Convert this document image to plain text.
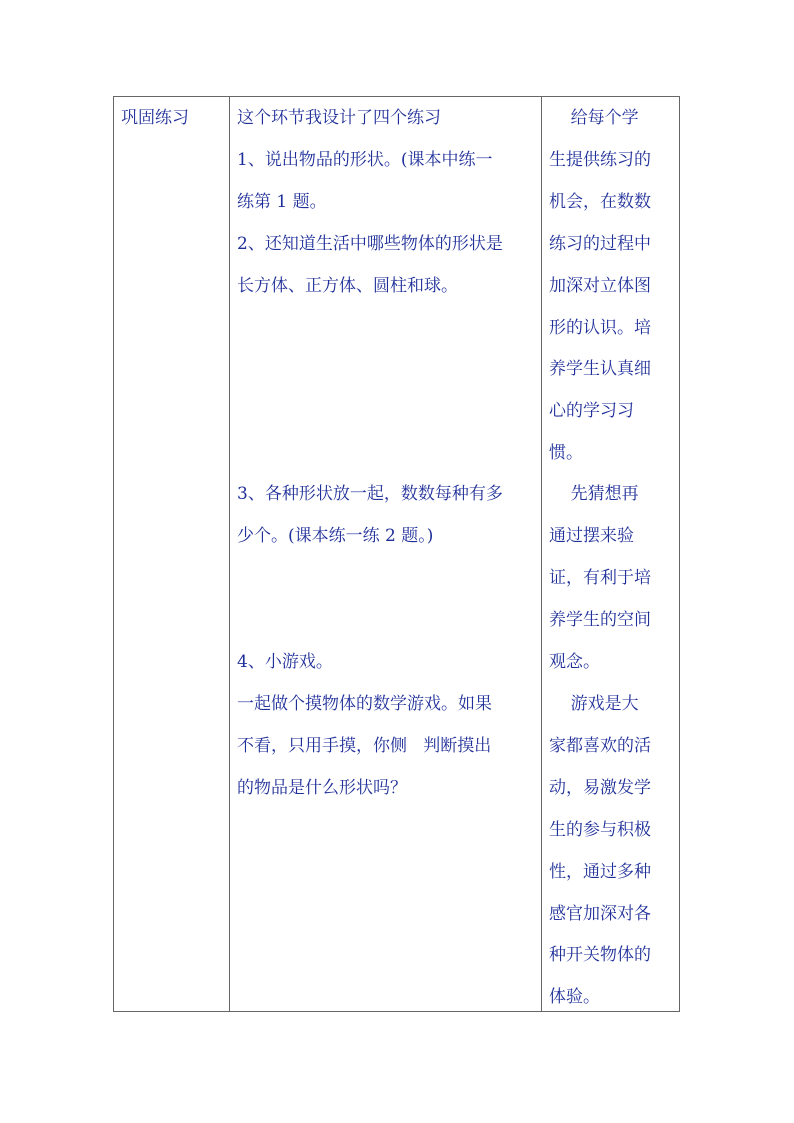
巩固练习	这个环节我设计了四个练习
1、说出物品的形状。(课本中练一
练第 1 题。
2、还知道生活中哪些物体的形状是
长方体、正方体、圆柱和球。
3、各种形状放一起，数数每种有多
少个。(课本练一练 2 题。)
4、小游戏。
一起做个摸物体的数学游戏。如果
不看，只用手摸，你侧   判断摸出
的物品是什么形状吗？
给每个学
生提供练习的
机会，在数数
练习的过程中
加深对立体图
形的认识。培
养学生认真细
心的学习习
惯。
先猜想再
通过摆来验
证，有利于培
养学生的空间
观念。
游戏是大
家都喜欢的活
动，易激发学
生的参与积极
性，通过多种
感官加深对各
种开关物体的
体验。
